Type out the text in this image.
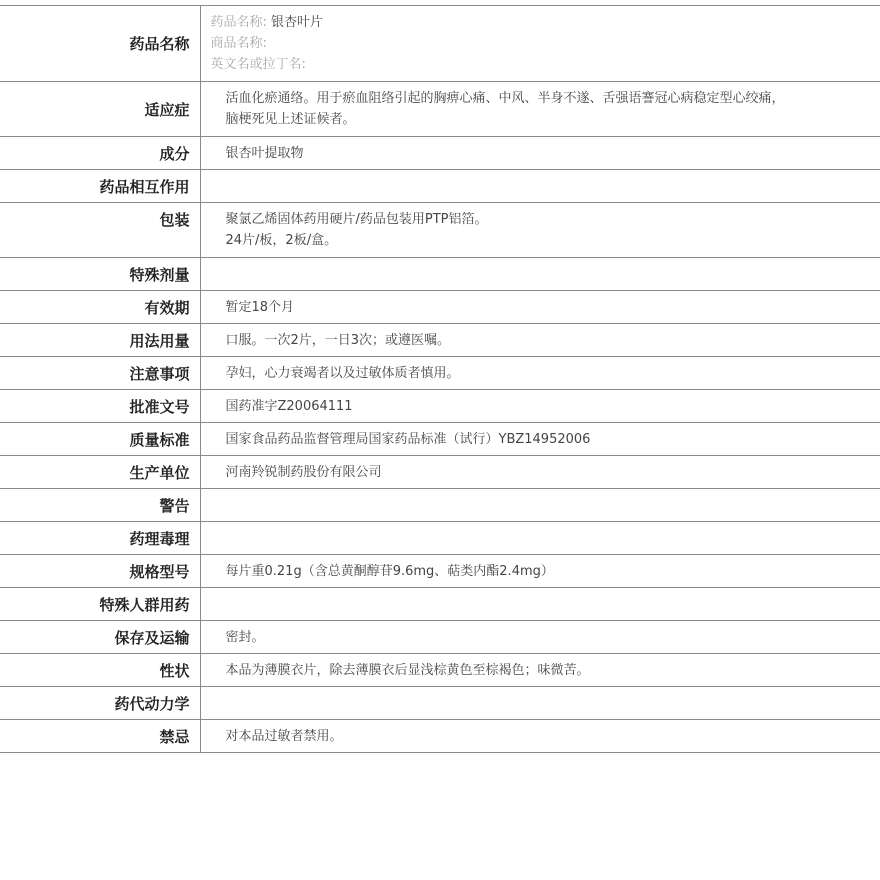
药品名称	药品名称: 银杏叶片
商品名称:
英文名或拉丁名:

适应症	活血化瘀通络。用于瘀血阻络引起的胸痹心痛、中风、半身不遂、舌强语謇冠心病稳定型心绞痛，脑梗死见上述证候者。
成分	银杏叶提取物
药品相互作用	
包装	聚氯乙烯固体药用硬片/药品包装用PTP铝箔。
24片/板，2板/盒。

特殊剂量	
有效期	暂定18个月
用法用量	口服。一次2片，一日3次；或遵医嘱。
注意事项	孕妇，心力衰竭者以及过敏体质者慎用。
批准文号	国药准字Z20064111
质量标准	国家食品药品监督管理局国家药品标准（试行）YBZ14952006
生产单位	河南羚锐制药股份有限公司
警告	
药理毒理	
规格型号	每片重0.21g（含总黄酮醇苷9.6mg、萜类内酯2.4mg）
特殊人群用药	
保存及运输	密封。
性状	本品为薄膜衣片，除去薄膜衣后显浅棕黄色至棕褐色；味微苦。
药代动力学	
禁忌	对本品过敏者禁用。
